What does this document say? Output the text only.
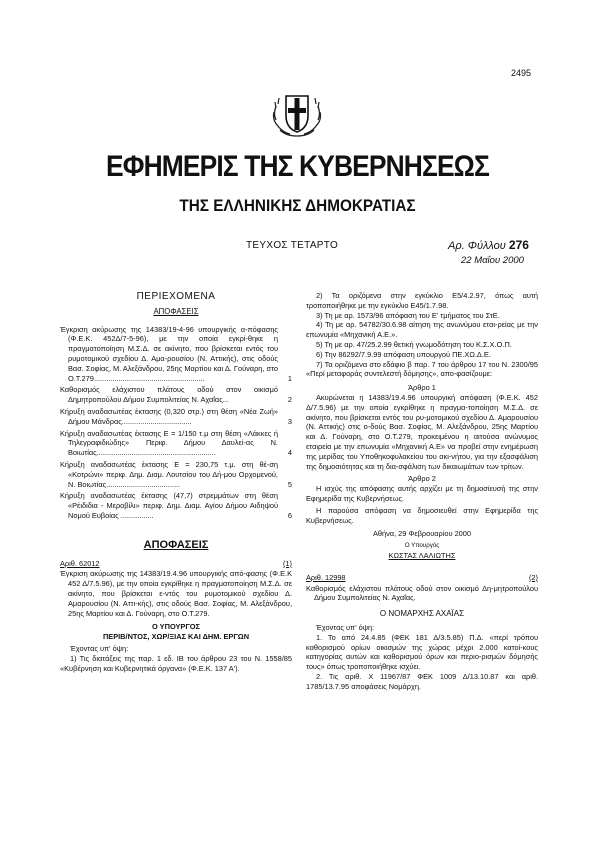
2495
ΕΦΗΜΕΡΙΣ ΤΗΣ ΚΥΒΕΡΝΗΣΕΩΣ
ΤΗΣ ΕΛΛΗΝΙΚΗΣ ΔΗΜΟΚΡΑΤΙΑΣ
ΤΕΥΧΟΣ ΤΕΤΑΡΤΟ	Αρ. Φύλλου 276
22 Μαΐου 2000
ΠΕΡΙΕΧΟΜΕΝΑ
ΑΠΟΦΑΣΕΙΣ
Έγκριση ακύρωσης της 14383/19-4-96 υπουργικής α-πόφασης (Φ.Ε.Κ. 452Δ/7-5-96), με την οποία εγκρί-θηκε η πραγματοποίηση Μ.Σ.Δ. σε ακίνητο, που βρίσκεται εντός του ρυμοτομικού σχεδίου Δ. Αμα-ρουσίου (Ν. Αττικής), στις οδούς Βασ. Σοφίας, Μ. Αλεξάνδρου, 25ης Μαρτίου και Δ. Γούναρη, στο Ο.Τ.279......................................................	1
Καθορισμός ελάχιστου πλάτους οδού στον οικισμό Δημητροπούλου Δήμου Συμπολιτείας Ν. Αχαΐας...	2
Κήρυξη αναδασωτέας έκτασης (0,320 στρ.) στη θέση «Νέα Ζωή» Δήμου Μάνδρας..................................	3
Κήρυξη αναδασωτέας έκτασης Ε = 1/150 τ.μ στη θέση «Λάκκες ή Τηλεγραφιδιώδης» Περιφ. Δήμου Δαυλεί-ας Ν. Βοιωτίας..........................................................	4
Κήρυξη αναδασωτέας έκτασης Ε = 230,75 τ.μ. στη θέ-ση «Κοτρώνι» περιφ. Δημ. Διαμ. Λουτσίου του Δή-μου Ορχομενού, Ν. Βοιωτίας....................................	5
Κήρυξη αναδασωτέας έκτασης (47,7) στρεμμάτων στη θέση «Ρέιδιδια - Μεροβίλι» περιφ. Δημ. Διαμ. Αγίου Δήμου Αιδηψού Νομού Ευβοίας ................	6
ΑΠΟΦΑΣΕΙΣ
Αριθ. 62012	(1)

Έγκριση ακύρωσης της 14383/19.4.96 υπουργικής από-φασης (Φ.Ε.Κ 452 Δ/7.5.96), με την οποία εγκρίθηκε η πραγματοποίηση Μ.Σ.Δ. σε ακίνητο, που βρίσκεται ε-ντός του ρυμοτομικού σχεδίου Δ. Αμαρουσίου (Ν. Αττι-κής), στις οδούς Βασ. Σοφίας, Μ. Αλεξάνδρου, 25ης Μαρτίου και Δ. Γούναρη, στο Ο.Τ.279.

Ο ΥΠΟΥΡΓΟΣ

ΠΕΡΙΒ/ΝΤΟΣ, ΧΩΡ/ΞΙΑΣ ΚΑΙ ΔΗΜ. ΕΡΓΩΝ

Έχοντας υπ' όψη:

1) Τις διατάξεις της παρ. 1 εδ. ΙΒ του άρθρου 23 του Ν. 1558/85 «Κυβέρνηση και Κυβερνητικά όργανα» (Φ.Ε.Κ. 137 Α').

2) Τα οριζόμενα στην εγκύκλιο Ε5/4.2.97, όπως αυτή τροποποιήθηκε με την εγκύκλιο Ε45/1.7.98.

3) Τη με αρ. 1573/96 απόφαση του Ε' τμήματος του ΣτΕ.

4) Τη με αρ. 54782/30.6.98 αίτηση της ανωνύμου εται-ρείας με την επωνυμία «Μηχανική Α.Ε.».

5) Τη με αρ. 47/25.2.99 θετική γνωμοδότηση του Κ.Σ.Χ.Ο.Π.

6) Την 86292/7.9.99 απόφαση υπουργού ΠΕ.ΧΩ.Δ.Ε.

7) Τα οριζόμενα στο εδάφιο β παρ. 7 του άρθρου 17 του Ν. 2300/95 «Περί μεταφοράς συντελεστή δόμησης», απο-φασίζουμε:

Άρθρο 1

Ακυρώνεται η 14383/19.4.96 υπουργική απόφαση (Φ.Ε.Κ. 452 Δ/7.5.96) με την οποία εγκρίθηκε η πραγμα-τοποίηση Μ.Σ.Δ. σε ακίνητο, που βρίσκεται εντός του ρυ-μοτομικού σχεδίου Δ. Αμαρουσίου (Ν. Αττικής) στις ο-δούς Βασ. Σοφίας, Μ. Αλεξάνδρου, 25ης Μαρτίου και Δ. Γούναρη, στο Ο.Τ.279, προκειμένου η αιτούσα ανώνυμος εταιρεία με την επωνυμία «Μηχανική Α.Ε» να προβεί στην ενημέρωση της μερίδας του Υποθηκοφυλακείου του ακι-νήτου, για την εξασφάλιση της δημοσιότητας και τη δια-σφάλιση των δικαιωμάτων των τρίτων.

Άρθρο 2

Η ισχύς της απόφασης αυτής αρχίζει με τη δημοσίευσή της στην Εφημερίδα της Κυβερνήσεως.

Η παρούσα απόφαση να δημοσιευθεί στην Εφημερίδα της Κυβερνήσεως.

Αθήνα, 29 Φεβρουαρίου 2000

Ο Υπουργός

ΚΩΣΤΑΣ ΛΑΛΙΩΤΗΣ

Αριθ. 12998	(2)

Καθορισμός ελάχιστου πλάτους οδού στον οικισμό Δη-μητροπούλου Δήμου Συμπολιτείας Ν. Αχαΐας.

Ο ΝΟΜΑΡΧΗΣ ΑΧΑΪΑΣ

Έχοντας υπ' όψη:

1. Το από 24.4.85 (ΦΕΚ 181 Δ/3.5.85) Π.Δ. «περί τρόπου καθορισμού ορίων οικισμών της χώρας μέχρι 2.000 κατοί-κους κατηγορίας αυτών και καθορισμού όρων και περιο-ρισμών δόμησής τους» όπως τροποποιήθηκε ισχύει.

2. Τις αριθ. Χ 11967/87 ΦΕΚ 1009 Δ/13.10.87 και αριθ. 1785/13.7.95 αποφάσεις Νομάρχη.
